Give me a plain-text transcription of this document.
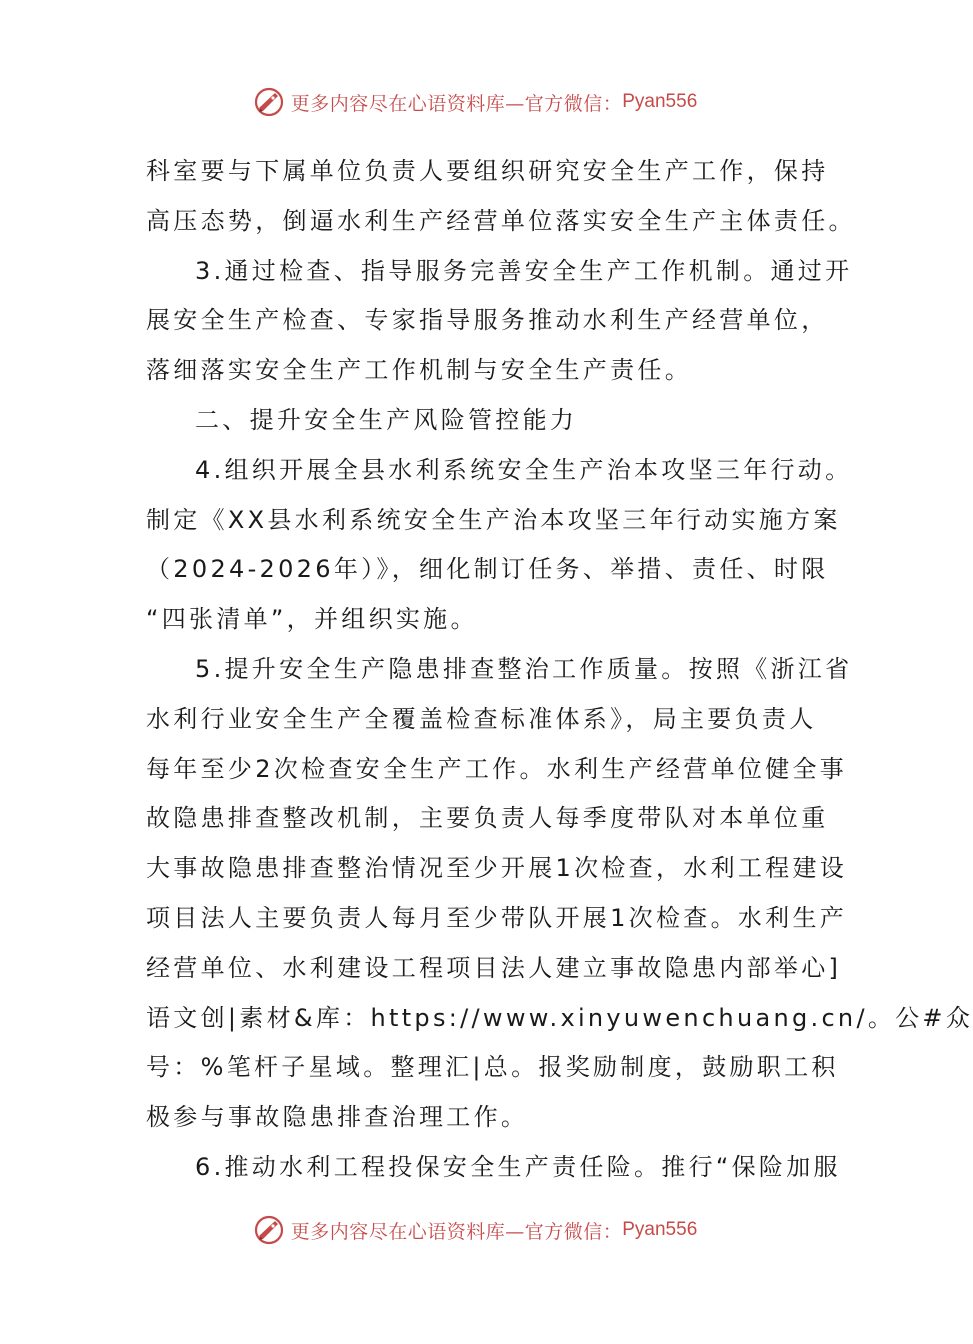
更多内容尽在心语资料库—官方微信： Pyan556
科室要与下属单位负责人要组织研究安全生产工作，保持
高压态势，倒逼水利生产经营单位落实安全生产主体责任。
3.通过检查、指导服务完善安全生产工作机制。通过开
展安全生产检查、专家指导服务推动水利生产经营单位，
落细落实安全生产工作机制与安全生产责任。
二、提升安全生产风险管控能力
4.组织开展全县水利系统安全生产治本攻坚三年行动。
制定《XX县水利系统安全生产治本攻坚三年行动实施方案
（2024-2026年）》，细化制订任务、举措、责任、时限
“四张清单”，并组织实施。
5.提升安全生产隐患排查整治工作质量。按照《浙江省
水利行业安全生产全覆盖检查标准体系》，局主要负责人
每年至少2次检查安全生产工作。水利生产经营单位健全事
故隐患排查整改机制，主要负责人每季度带队对本单位重
大事故隐患排查整治情况至少开展1次检查，水利工程建设
项目法人主要负责人每月至少带队开展1次检查。水利生产
经营单位、水利建设工程项目法人建立事故隐患内部举心]
语文创|素材&库：https://www.xinyuwenchuang.cn/。公#众
号：%笔杆子星域。整理汇|总。报奖励制度，鼓励职工积
极参与事故隐患排查治理工作。
6.推动水利工程投保安全生产责任险。推行“保险加服
更多内容尽在心语资料库—官方微信： Pyan556
